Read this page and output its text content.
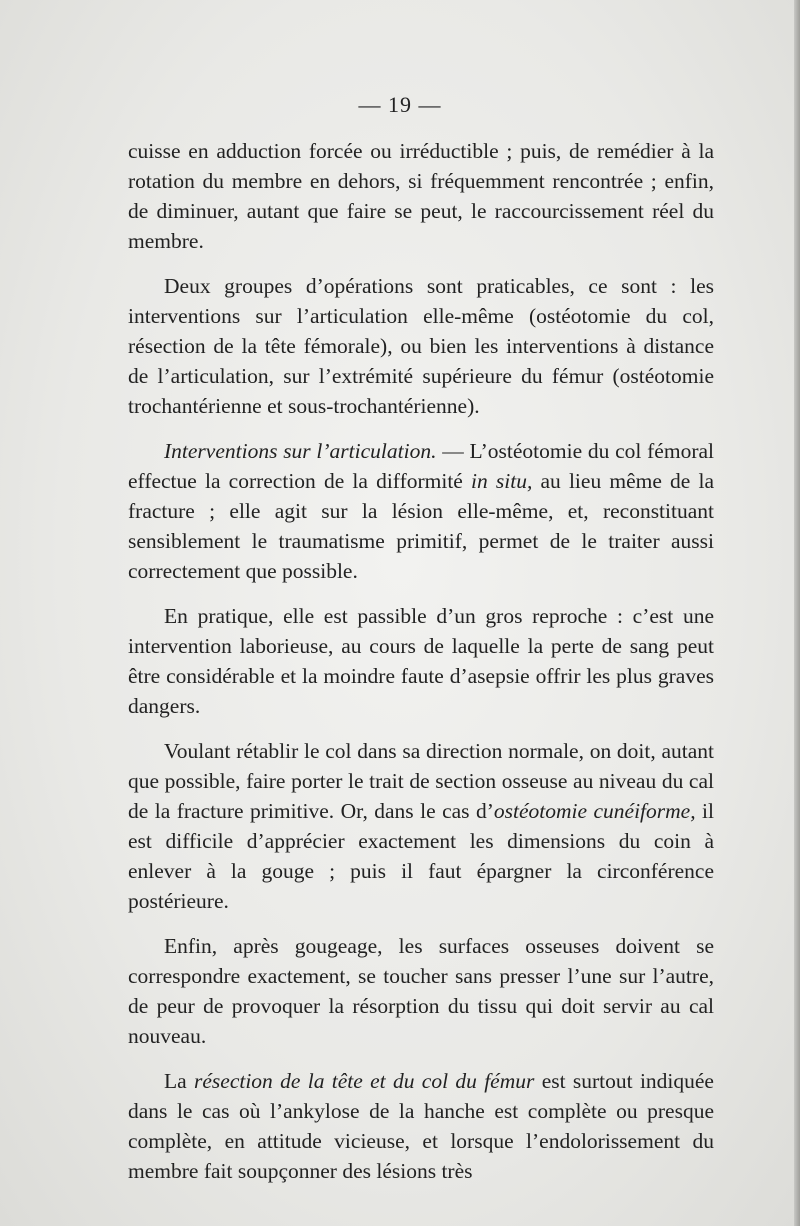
— 19 —

cuisse en adduction forcée ou irréductible ; puis, de remédier à la rotation du membre en dehors, si fréquemment rencontrée ; enfin, de diminuer, autant que faire se peut, le raccourcissement réel du membre.

Deux groupes d’opérations sont praticables, ce sont : les interventions sur l’articulation elle-même (ostéotomie du col, résection de la tête fémorale), ou bien les interventions à distance de l’articulation, sur l’extrémité supérieure du fémur (ostéotomie trochantérienne et sous-trochantérienne).

Interventions sur l’articulation. — L’ostéotomie du col fémoral effectue la correction de la difformité in situ, au lieu même de la fracture ; elle agit sur la lésion elle-même, et, reconstituant sensiblement le traumatisme primitif, permet de le traiter aussi correctement que possible.

En pratique, elle est passible d’un gros reproche : c’est une intervention laborieuse, au cours de laquelle la perte de sang peut être considérable et la moindre faute d’asepsie offrir les plus graves dangers.

Voulant rétablir le col dans sa direction normale, on doit, autant que possible, faire porter le trait de section osseuse au niveau du cal de la fracture primitive. Or, dans le cas d’ostéotomie cunéiforme, il est difficile d’apprécier exactement les dimensions du coin à enlever à la gouge ; puis il faut épargner la circonférence postérieure.

Enfin, après gougeage, les surfaces osseuses doivent se correspondre exactement, se toucher sans presser l’une sur l’autre, de peur de provoquer la résorption du tissu qui doit servir au cal nouveau.

La résection de la tête et du col du fémur est surtout indiquée dans le cas où l’ankylose de la hanche est complète ou presque complète, en attitude vicieuse, et lorsque l’endolorissement du membre fait soupçonner des lésions très
